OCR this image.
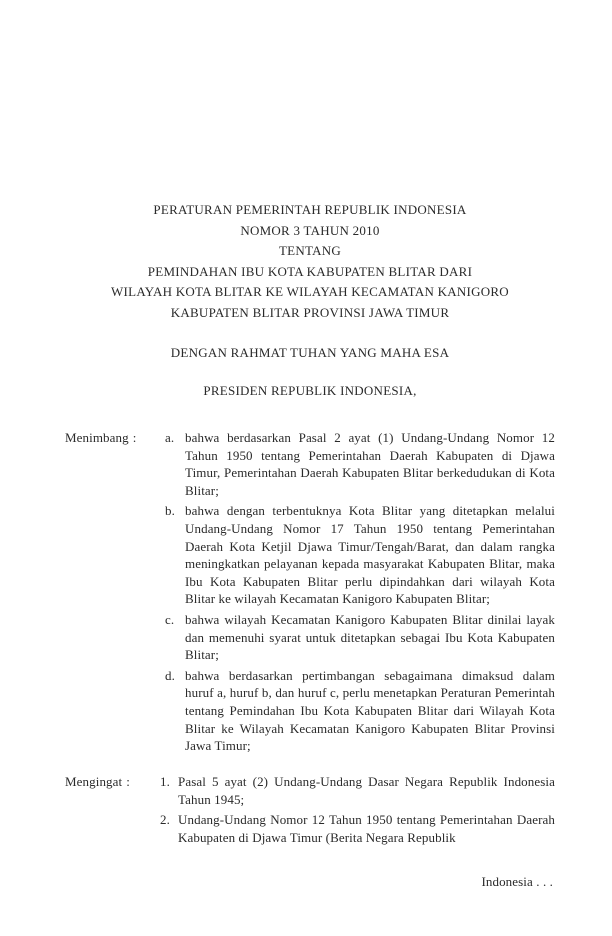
PERATURAN PEMERINTAH REPUBLIK INDONESIA
NOMOR 3 TAHUN 2010
TENTANG
PEMINDAHAN IBU KOTA KABUPATEN BLITAR DARI
WILAYAH KOTA BLITAR KE WILAYAH KECAMATAN KANIGORO
KABUPATEN BLITAR PROVINSI JAWA TIMUR
DENGAN RAHMAT TUHAN YANG MAHA ESA
PRESIDEN REPUBLIK INDONESIA,
Menimbang :	a. bahwa berdasarkan Pasal 2 ayat (1) Undang-Undang Nomor 12 Tahun 1950 tentang Pemerintahan Daerah Kabupaten di Djawa Timur, Pemerintahan Daerah Kabupaten Blitar berkedudukan di Kota Blitar;
b. bahwa dengan terbentuknya Kota Blitar yang ditetapkan melalui Undang-Undang Nomor 17 Tahun 1950 tentang Pemerintahan Daerah Kota Ketjil Djawa Timur/Tengah/Barat, dan dalam rangka meningkatkan pelayanan kepada masyarakat Kabupaten Blitar, maka Ibu Kota Kabupaten Blitar perlu dipindahkan dari wilayah Kota Blitar ke wilayah Kecamatan Kanigoro Kabupaten Blitar;
c. bahwa wilayah Kecamatan Kanigoro Kabupaten Blitar dinilai layak dan memenuhi syarat untuk ditetapkan sebagai Ibu Kota Kabupaten Blitar;
d. bahwa berdasarkan pertimbangan sebagaimana dimaksud dalam huruf a, huruf b, dan huruf c, perlu menetapkan Peraturan Pemerintah tentang Pemindahan Ibu Kota Kabupaten Blitar dari Wilayah Kota Blitar ke Wilayah Kecamatan Kanigoro Kabupaten Blitar Provinsi Jawa Timur;
Mengingat :	1. Pasal 5 ayat (2) Undang-Undang Dasar Negara Republik Indonesia Tahun 1945;
2. Undang-Undang Nomor 12 Tahun 1950 tentang Pemerintahan Daerah Kabupaten di Djawa Timur (Berita Negara Republik
Indonesia . . .
